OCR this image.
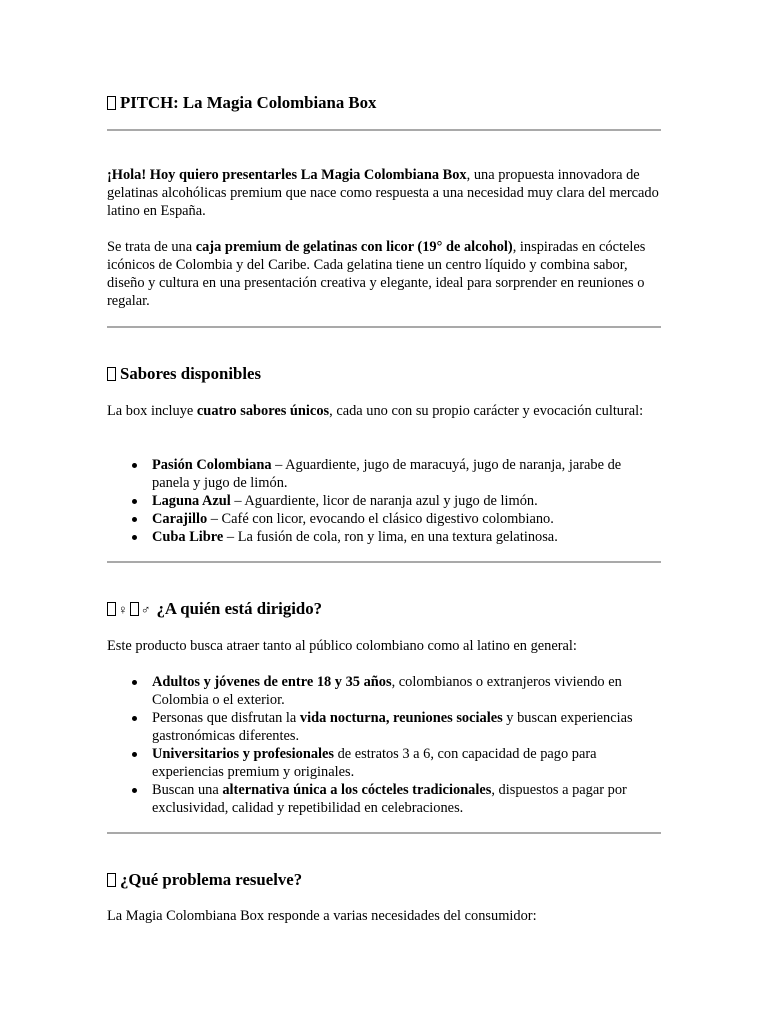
PITCH: La Magia Colombiana Box

¡Hola! Hoy quiero presentarles La Magia Colombiana Box, una propuesta innovadora de gelatinas alcohólicas premium que nace como respuesta a una necesidad muy clara del mercado latino en España.

Se trata de una caja premium de gelatinas con licor (19° de alcohol), inspiradas en cócteles icónicos de Colombia y del Caribe. Cada gelatina tiene un centro líquido y combina sabor, diseño y cultura en una presentación creativa y elegante, ideal para sorprender en reuniones o regalar.

Sabores disponibles

La box incluye cuatro sabores únicos, cada uno con su propio carácter y evocación cultural:

Pasión Colombiana – Aguardiente, jugo de maracuyá, jugo de naranja, jarabe de panela y jugo de limón.
Laguna Azul – Aguardiente, licor de naranja azul y jugo de limón.
Carajillo – Café con licor, evocando el clásico digestivo colombiano.
Cuba Libre – La fusión de cola, ron y lima, en una textura gelatinosa.
♀ ♂ ¿A quién está dirigido?

Este producto busca atraer tanto al público colombiano como al latino en general:

Adultos y jóvenes de entre 18 y 35 años, colombianos o extranjeros viviendo en Colombia o el exterior.
Personas que disfrutan la vida nocturna, reuniones sociales y buscan experiencias gastronómicas diferentes.
Universitarios y profesionales de estratos 3 a 6, con capacidad de pago para experiencias premium y originales.
Buscan una alternativa única a los cócteles tradicionales, dispuestos a pagar por exclusividad, calidad y repetibilidad en celebraciones.
¿Qué problema resuelve?

La Magia Colombiana Box responde a varias necesidades del consumidor:
